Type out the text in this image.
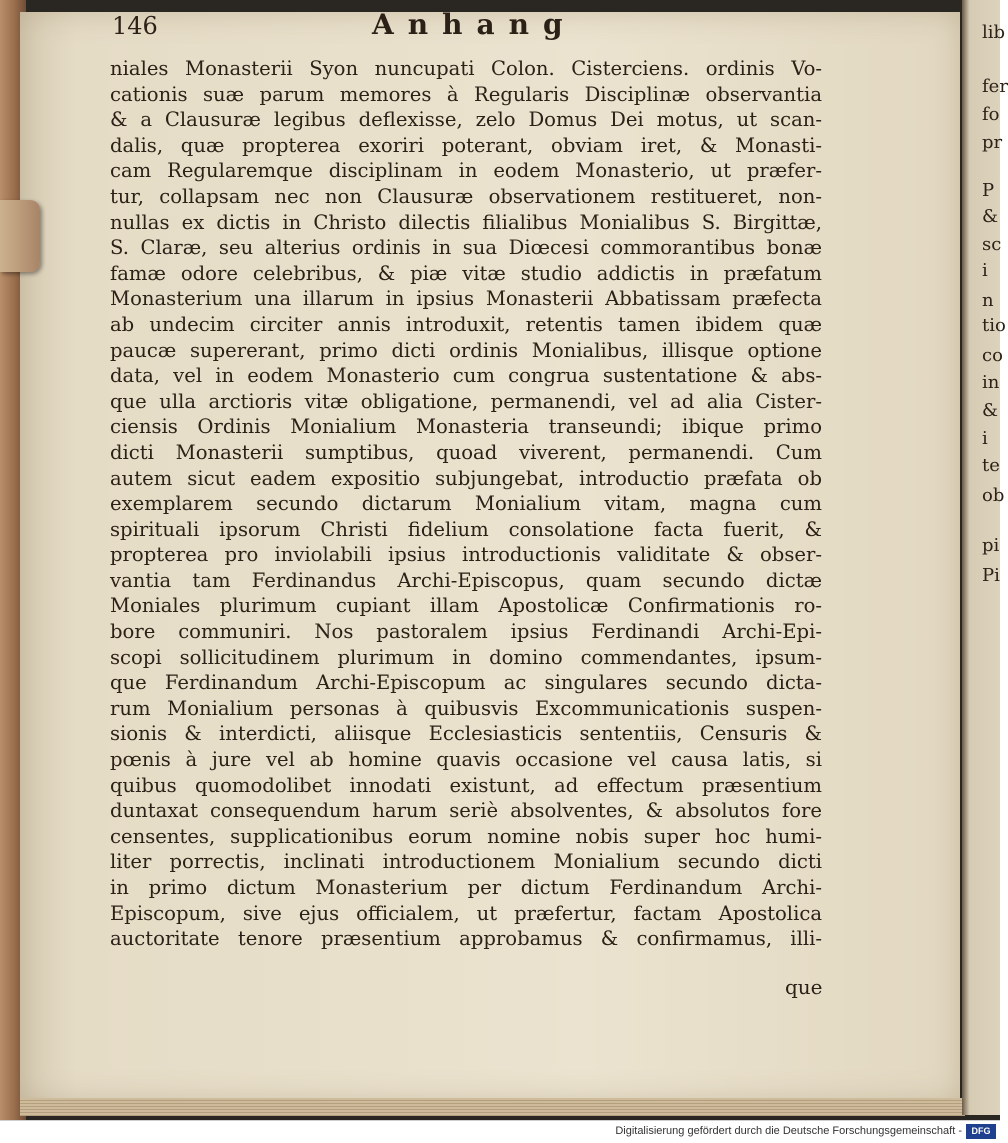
lib
fer
fo
pr
P
&
sc
i
n
tio
co
in
&
i
te
ob
pi
Pi
146	Anhang
niales Monasterii Syon nuncupati Colon. Cisterciens. ordinis Vo-
cationis suæ parum memores à Regularis Disciplinæ observantia
& a Clausuræ legibus deflexisse, zelo Domus Dei motus, ut scan-
dalis, quæ propterea exoriri poterant, obviam iret, & Monasti-
cam Regularemque disciplinam in eodem Monasterio, ut præfer-
tur, collapsam nec non Clausuræ observationem restitueret, non-
nullas ex dictis in Christo dilectis filialibus Monialibus S. Birgittæ,
S. Claræ, seu alterius ordinis in sua Diœcesi commorantibus bonæ
famæ odore celebribus, & piæ vitæ studio addictis in præfatum
Monasterium una illarum in ipsius Monasterii Abbatissam præfecta
ab undecim circiter annis introduxit, retentis tamen ibidem quæ
paucæ supererant, primo dicti ordinis Monialibus, illisque optione
data, vel in eodem Monasterio cum congrua sustentatione & abs-
que ulla arctioris vitæ obligatione, permanendi, vel ad alia Cister-
ciensis Ordinis Monialium Monasteria transeundi; ibique primo
dicti Monasterii sumptibus, quoad viverent, permanendi. Cum
autem sicut eadem expositio subjungebat, introductio præfata ob
exemplarem secundo dictarum Monialium vitam, magna cum
spirituali ipsorum Christi fidelium consolatione facta fuerit, &
propterea pro inviolabili ipsius introductionis validitate & obser-
vantia tam Ferdinandus Archi-Episcopus, quam secundo dictæ
Moniales plurimum cupiant illam Apostolicæ Confirmationis ro-
bore communiri. Nos pastoralem ipsius Ferdinandi Archi-Epi-
scopi sollicitudinem plurimum in domino commendantes, ipsum-
que Ferdinandum Archi-Episcopum ac singulares secundo dicta-
rum Monialium personas à quibusvis Excommunicationis suspen-
sionis & interdicti, aliisque Ecclesiasticis sententiis, Censuris &
pœnis à jure vel ab homine quavis occasione vel causa latis, si
quibus quomodolibet innodati existunt, ad effectum præsentium
duntaxat consequendum harum seriè absolventes, & absolutos fore
censentes, supplicationibus eorum nomine nobis super hoc humi-
liter porrectis, inclinati introductionem Monialium secundo dicti
in primo dictum Monasterium per dictum Ferdinandum Archi-
Episcopum, sive ejus officialem, ut præfertur, factam Apostolica
auctoritate tenore præsentium approbamus & confirmamus, illi-
que
Digitalisierung gefördert durch die Deutsche Forschungsgemeinschaft -	DFG
